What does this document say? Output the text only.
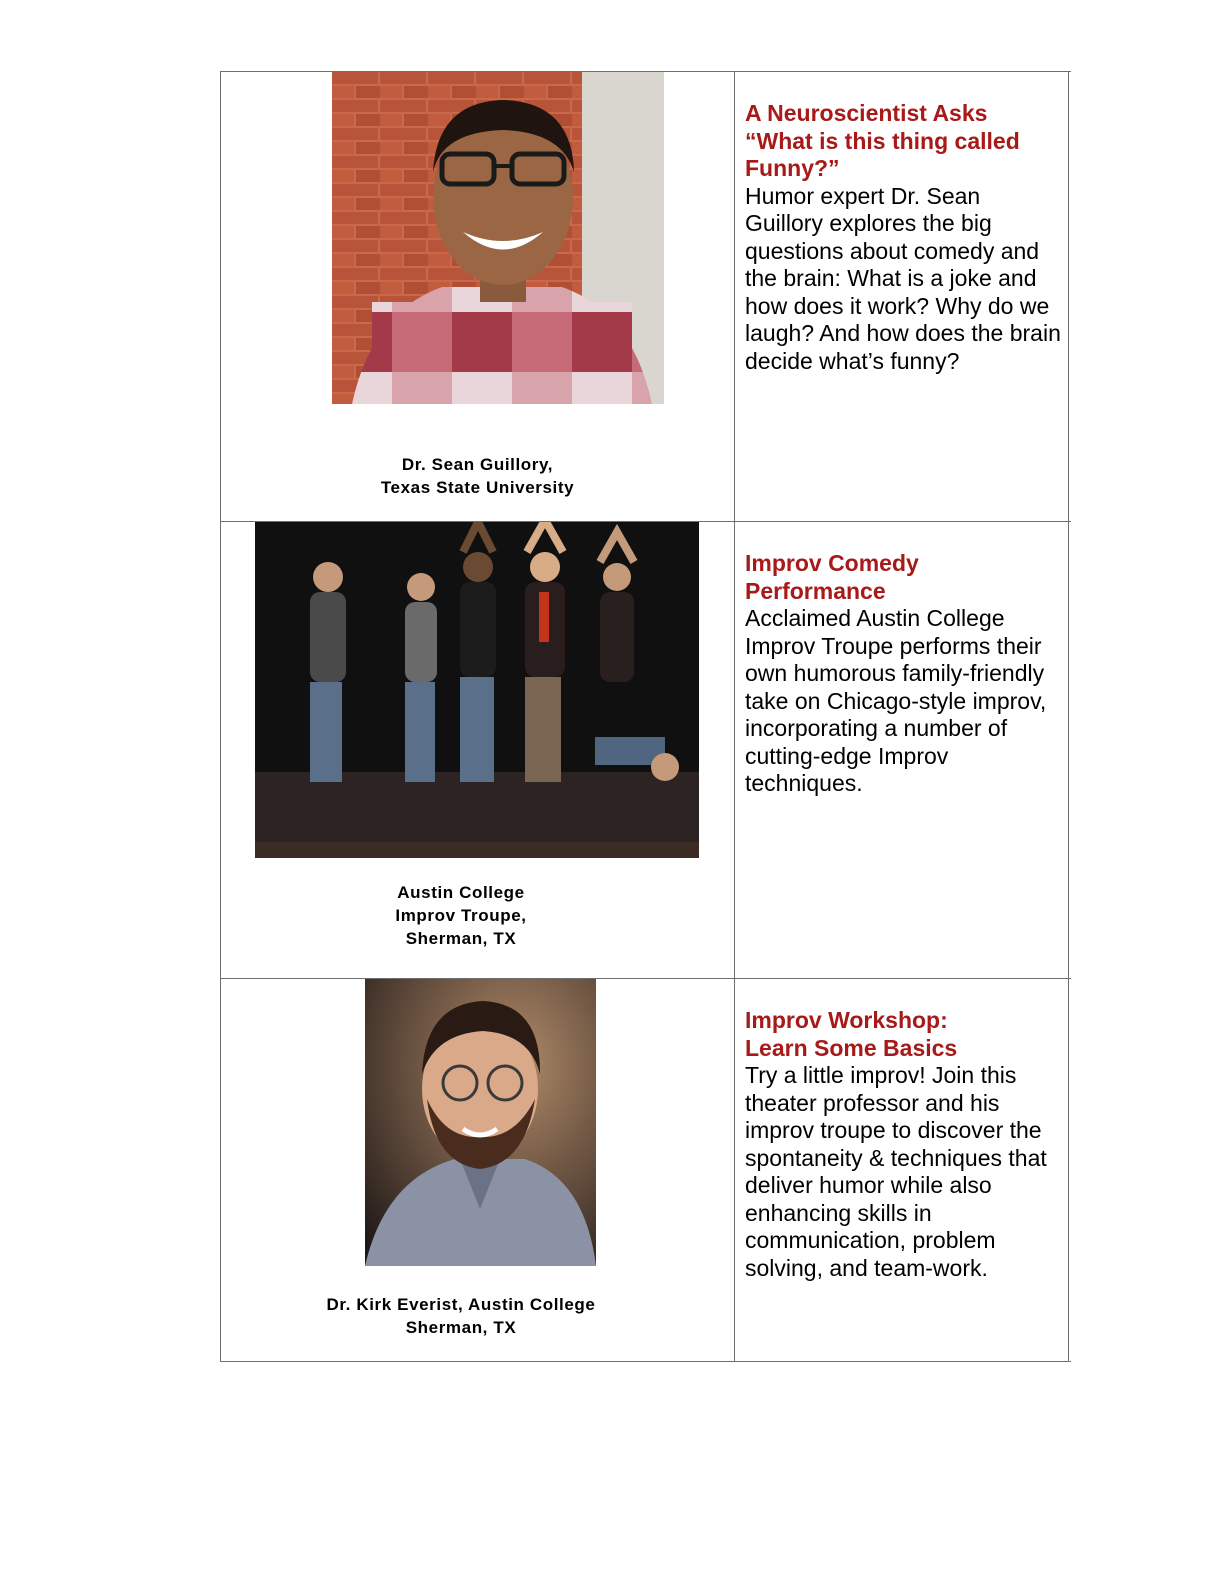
Dr. Sean Guillory,
Texas State University
A Neuroscientist Asks
“What is this thing called
Funny?”
Humor expert Dr. Sean Guillory explores the big questions about comedy and the brain: What is a joke and how does it work? Why do we laugh? And how does the brain decide what’s funny?
Austin College
Improv Troupe,
Sherman, TX
Improv Comedy
Performance
Acclaimed Austin College Improv Troupe performs their own humorous family-friendly take on Chicago-style improv, incorporating a number of cutting-edge Improv techniques.
Dr. Kirk Everist, Austin College
Sherman, TX
Improv Workshop:
Learn Some Basics
Try a little improv! Join this theater professor and his improv troupe to discover the spontaneity & techniques that deliver humor while also enhancing skills in communication, problem solving, and team-work.
